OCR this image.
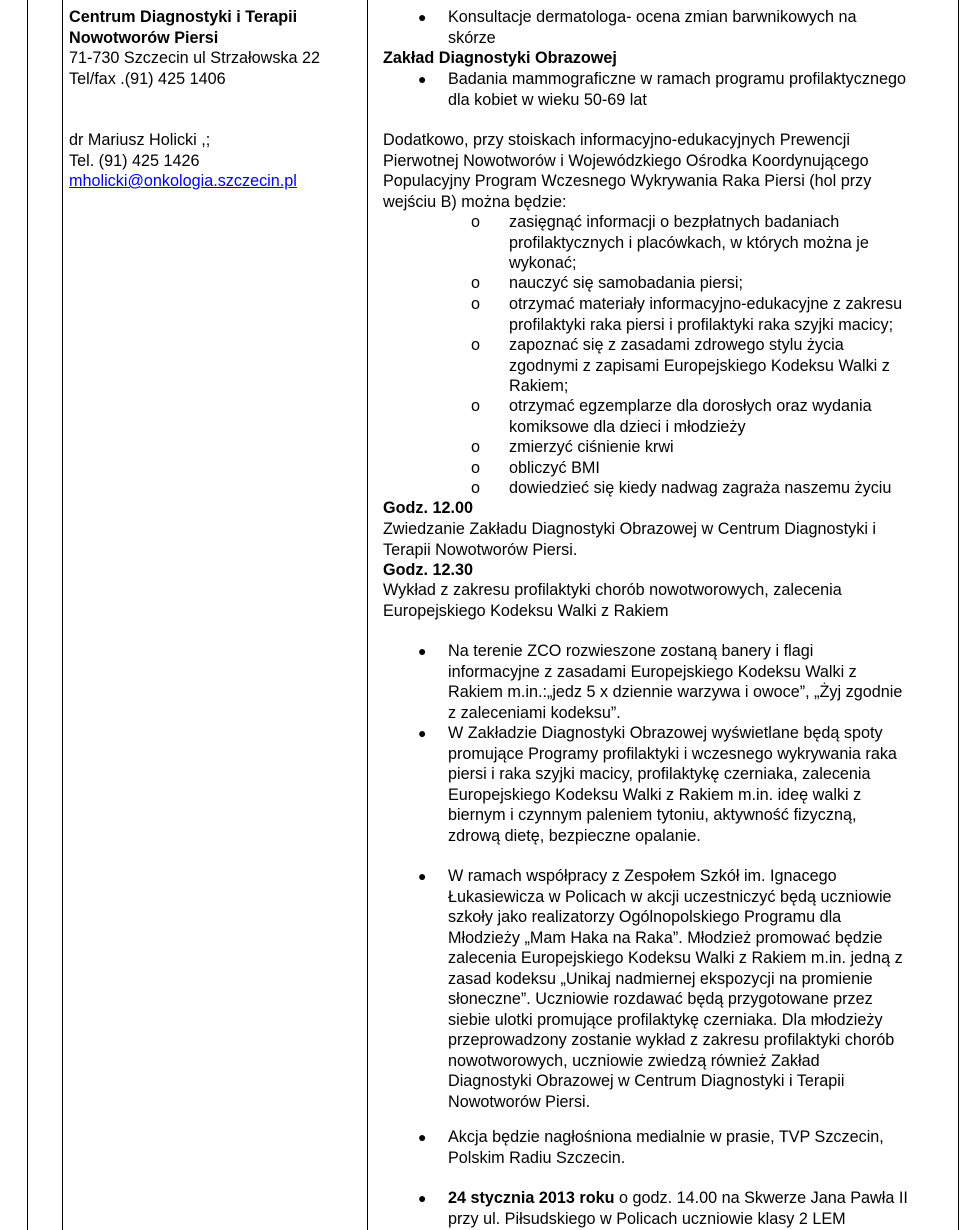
Centrum Diagnostyki i Terapii
Nowotworów Piersi
71-730 Szczecin ul Strzałowska 22
Tel/fax .(91) 425 1406
dr Mariusz Holicki ,;
Tel. (91) 425 1426
mholicki@onkologia.szczecin.pl
● Konsultacje dermatologa- ocena zmian barwnikowych na
skórze
Zakład Diagnostyki Obrazowej
● Badania mammograficzne w ramach programu profilaktycznego
dla kobiet w wieku 50-69 lat
Dodatkowo, przy stoiskach informacyjno-edukacyjnych Prewencji
Pierwotnej Nowotworów i Wojewódzkiego Ośrodka Koordynującego
Populacyjny Program Wczesnego Wykrywania Raka Piersi (hol przy
wejściu B) można będzie:
o zasięgnąć informacji o bezpłatnych badaniach
profilaktycznych i placówkach, w których można je
wykonać;
o nauczyć się samobadania piersi;
o otrzymać materiały informacyjno-edukacyjne z zakresu
profilaktyki raka piersi i profilaktyki raka szyjki macicy;
o zapoznać się z zasadami zdrowego stylu życia
zgodnymi z zapisami Europejskiego Kodeksu Walki z
Rakiem;
o otrzymać egzemplarze dla dorosłych oraz wydania
komiksowe dla dzieci i młodzieży
o zmierzyć ciśnienie krwi
o obliczyć BMI
o dowiedzieć się kiedy nadwag zagraża naszemu życiu
Godz. 12.00
Zwiedzanie Zakładu Diagnostyki Obrazowej w Centrum Diagnostyki i
Terapii Nowotworów Piersi.
Godz. 12.30
Wykład z zakresu profilaktyki chorób nowotworowych, zalecenia
Europejskiego Kodeksu Walki z Rakiem
● Na terenie ZCO rozwieszone zostaną banery i flagi
informacyjne z zasadami Europejskiego Kodeksu Walki z
Rakiem m.in.:„jedz 5 x dziennie warzywa i owoce”, „Żyj zgodnie
z zaleceniami kodeksu”.
● W Zakładzie Diagnostyki Obrazowej wyświetlane będą spoty
promujące Programy profilaktyki i wczesnego wykrywania raka
piersi i raka szyjki macicy, profilaktykę czerniaka, zalecenia
Europejskiego Kodeksu Walki z Rakiem m.in. ideę walki z
biernym i czynnym paleniem tytoniu, aktywność fizyczną,
zdrową dietę, bezpieczne opalanie.
● W ramach współpracy z Zespołem Szkół im. Ignacego
Łukasiewicza w Policach w akcji uczestniczyć będą uczniowie
szkoły jako realizatorzy Ogólnopolskiego Programu dla
Młodzieży „Mam Haka na Raka”. Młodzież promować będzie
zalecenia Europejskiego Kodeksu Walki z Rakiem m.in. jedną z
zasad kodeksu „Unikaj nadmiernej ekspozycji na promienie
słoneczne”. Uczniowie rozdawać będą przygotowane przez
siebie ulotki promujące profilaktykę czerniaka. Dla młodzieży
przeprowadzony zostanie wykład z zakresu profilaktyki chorób
nowotworowych, uczniowie zwiedzą również Zakład
Diagnostyki Obrazowej w Centrum Diagnostyki i Terapii
Nowotworów Piersi.
● Akcja będzie nagłośniona medialnie w prasie, TVP Szczecin,
Polskim Radiu Szczecin.
● 24 stycznia 2013 roku o godz. 14.00 na Skwerze Jana Pawła II
przy ul. Piłsudskiego w Policach uczniowie klasy 2 LEM
